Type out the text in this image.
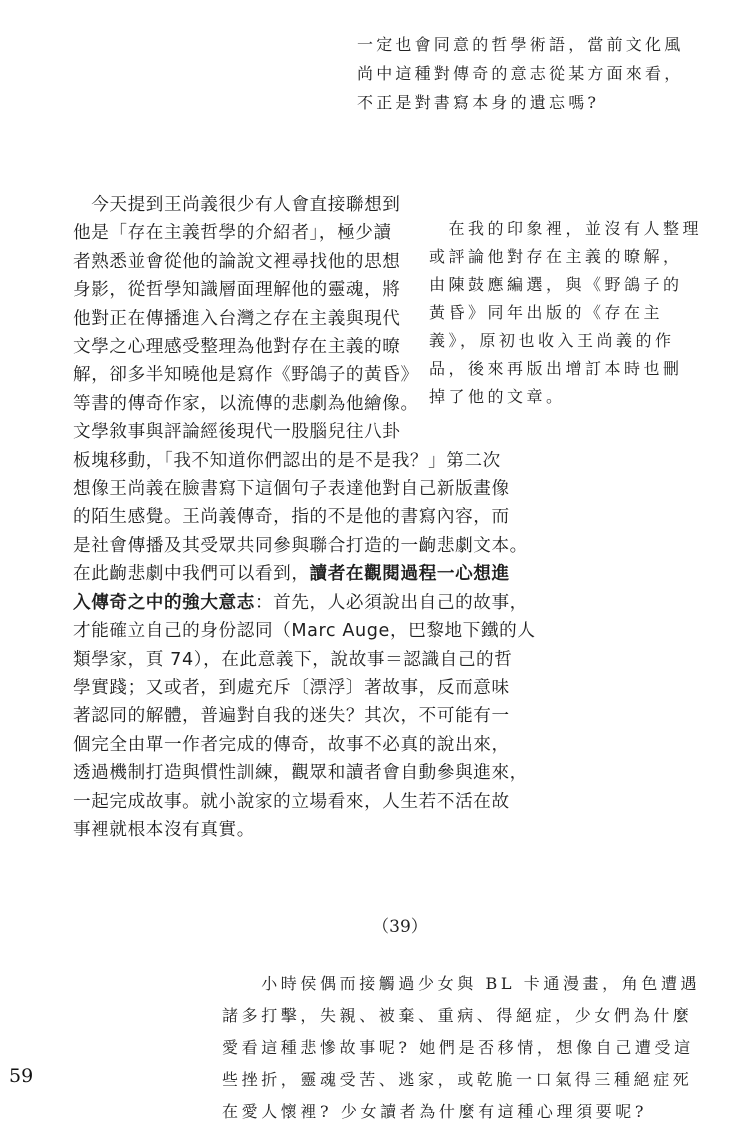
一定也會同意的哲學術語，當前文化風
尚中這種對傳奇的意志從某方面來看，
不正是對書寫本身的遺忘嗎?
　今天提到王尚義很少有人會直接聯想到
他是「存在主義哲學的介紹者」，極少讀
者熟悉並會從他的論說文裡尋找他的思想
身影，從哲學知識層面理解他的靈魂，將
他對正在傳播進入台灣之存在主義與現代
文學之心理感受整理為他對存在主義的暸
解，卻多半知曉他是寫作《野鴿子的黃昏》
等書的傳奇作家，以流傳的悲劇為他繪像。
文學敘事與評論經後現代一股腦兒往八卦
板塊移動，「我不知道你們認出的是不是我？」第二次
想像王尚義在臉書寫下這個句子表達他對自己新版畫像
的陌生感覺。王尚義傳奇，指的不是他的書寫內容，而
是社會傳播及其受眾共同參與聯合打造的一齣悲劇文本。
在此齣悲劇中我們可以看到，讀者在觀閱過程一心想進
入傳奇之中的強大意志：首先，人必須說出自己的故事，
才能確立自己的身份認同（Marc Auge，巴黎地下鐵的人
類學家，頁 74），在此意義下，說故事＝認識自己的哲
學實踐；又或者，到處充斥〔漂浮〕著故事，反而意味
著認同的解體，普遍對自我的迷失？其次，不可能有一
個完全由單一作者完成的傳奇，故事不必真的說出來，
透過機制打造與慣性訓練，觀眾和讀者會自動參與進來，
一起完成故事。就小說家的立場看來，人生若不活在故
事裡就根本沒有真實。
　在我的印象裡，並沒有人整理
或評論他對存在主義的暸解，
由陳鼓應編選，與《野鴿子的
黃昏》同年出版的《存在主
義》，原初也收入王尚義的作
品，後來再版出增訂本時也刪
掉了他的文章。
（39）
　　小時侯偶而接觸過少女與 BL 卡通漫畫，角色遭遇
諸多打擊，失親、被棄、重病、得絕症，少女們為什麼
愛看這種悲慘故事呢? 她們是否移情，想像自己遭受這
些挫折，靈魂受苦、逃家，或乾脆一口氣得三種絕症死
在愛人懷裡? 少女讀者為什麼有這種心理須要呢?
59
